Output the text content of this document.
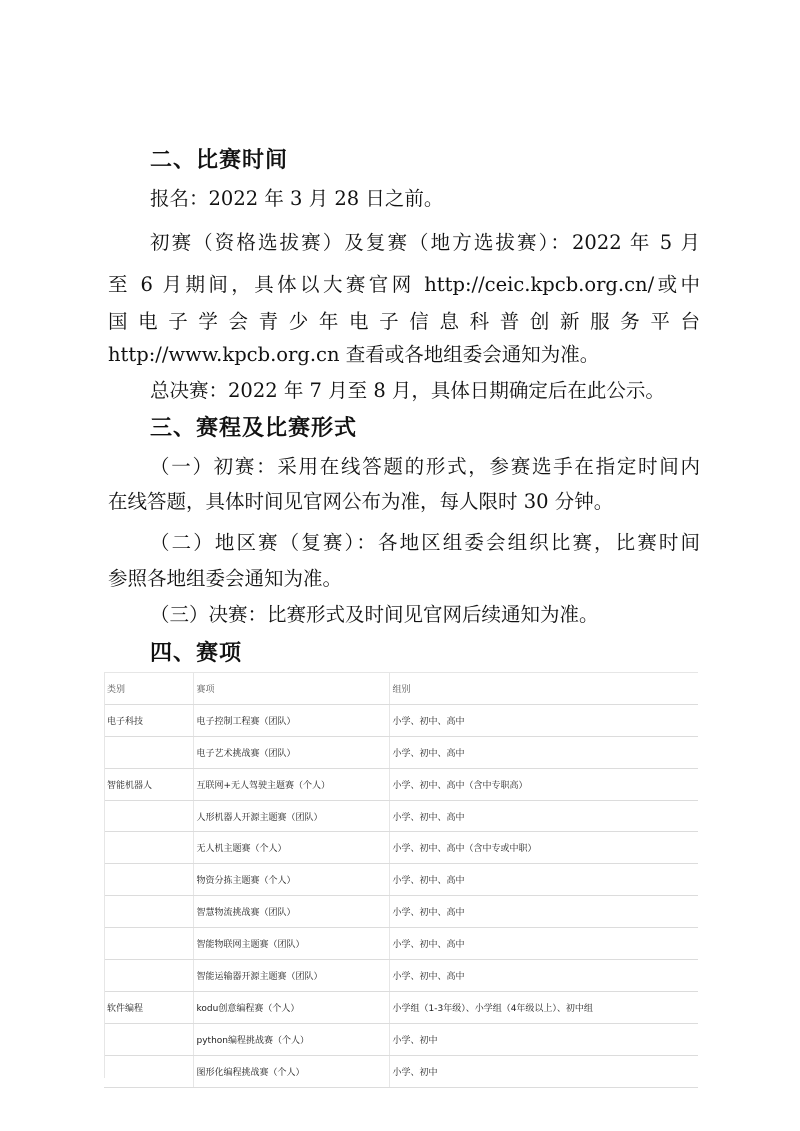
二、比赛时间
报名：2022 年 3 月 28 日之前。
初赛（资格选拔赛）及复赛（地方选拔赛）：2022 年 5 月
至 6 月期间，具体以大赛官网 http://ceic.kpcb.org.cn/或中
国电子学会青少年电子信息科普创新服务平台
http://www.kpcb.org.cn 查看或各地组委会通知为准。
总决赛：2022 年 7 月至 8 月，具体日期确定后在此公示。
三、赛程及比赛形式
（一）初赛：采用在线答题的形式，参赛选手在指定时间内
在线答题，具体时间见官网公布为准，每人限时 30 分钟。
（二）地区赛（复赛）：各地区组委会组织比赛，比赛时间
参照各地组委会通知为准。
（三）决赛：比赛形式及时间见官网后续通知为准。
四、赛项
类别	赛项	组别
电子科技	电子控制工程赛（团队）	小学、初中、高中
	电子艺术挑战赛（团队）	小学、初中、高中
智能机器人	互联网+无人驾驶主题赛（个人）	小学、初中、高中（含中专职高）
	人形机器人开源主题赛（团队）	小学、初中、高中
	无人机主题赛（个人）	小学、初中、高中（含中专或中职）
	物资分拣主题赛（个人）	小学、初中、高中
	智慧物流挑战赛（团队）	小学、初中、高中
	智能物联网主题赛（团队）	小学、初中、高中
	智能运输器开源主题赛（团队）	小学、初中、高中
软件编程	kodu创意编程赛（个人）	小学组（1-3年级）、小学组（4年级以上）、初中组
	python编程挑战赛（个人）	小学、初中
	图形化编程挑战赛（个人）	小学、初中
